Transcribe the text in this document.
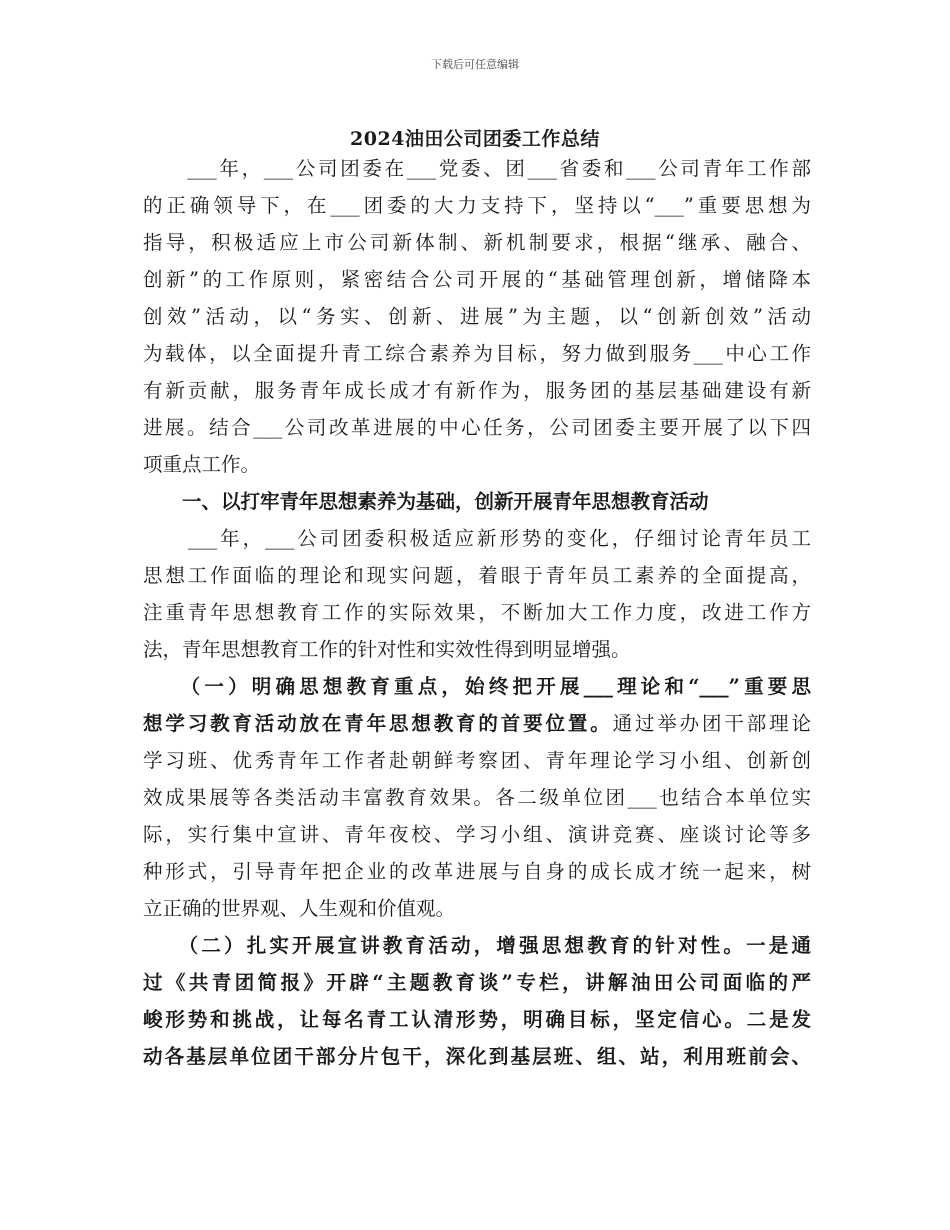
下载后可任意编辑
2024油田公司团委工作总结
　　___年，___公司团委在___党委、团___省委和___公司青年工作部
的正确领导下，在___团委的大力支持下，坚持以“___”重要思想为
指导，积极适应上市公司新体制、新机制要求，根据“继承、融合、
创新”的工作原则，紧密结合公司开展的“基础管理创新，增储降本
创效”活动，以“务实、创新、进展”为主题，以“创新创效”活动
为载体，以全面提升青工综合素养为目标，努力做到服务___中心工作
有新贡献，服务青年成长成才有新作为，服务团的基层基础建设有新
进展。结合___公司改革进展的中心任务，公司团委主要开展了以下四
项重点工作。
　　一、以打牢青年思想素养为基础，创新开展青年思想教育活动
　　___年，___公司团委积极适应新形势的变化，仔细讨论青年员工
思想工作面临的理论和现实问题，着眼于青年员工素养的全面提高，
注重青年思想教育工作的实际效果，不断加大工作力度，改进工作方
法，青年思想教育工作的针对性和实效性得到明显增强。
　　（一）明确思想教育重点，始终把开展___理论和“___”重要思
想学习教育活动放在青年思想教育的首要位置。通过举办团干部理论
学习班、优秀青年工作者赴朝鲜考察团、青年理论学习小组、创新创
效成果展等各类活动丰富教育效果。各二级单位团___也结合本单位实
际，实行集中宣讲、青年夜校、学习小组、演讲竞赛、座谈讨论等多
种形式，引导青年把企业的改革进展与自身的成长成才统一起来，树
立正确的世界观、人生观和价值观。
　　（二）扎实开展宣讲教育活动，增强思想教育的针对性。一是通
过《共青团简报》开辟“主题教育谈”专栏，讲解油田公司面临的严
峻形势和挑战，让每名青工认清形势，明确目标，坚定信心。二是发
动各基层单位团干部分片包干，深化到基层班、组、站，利用班前会、
